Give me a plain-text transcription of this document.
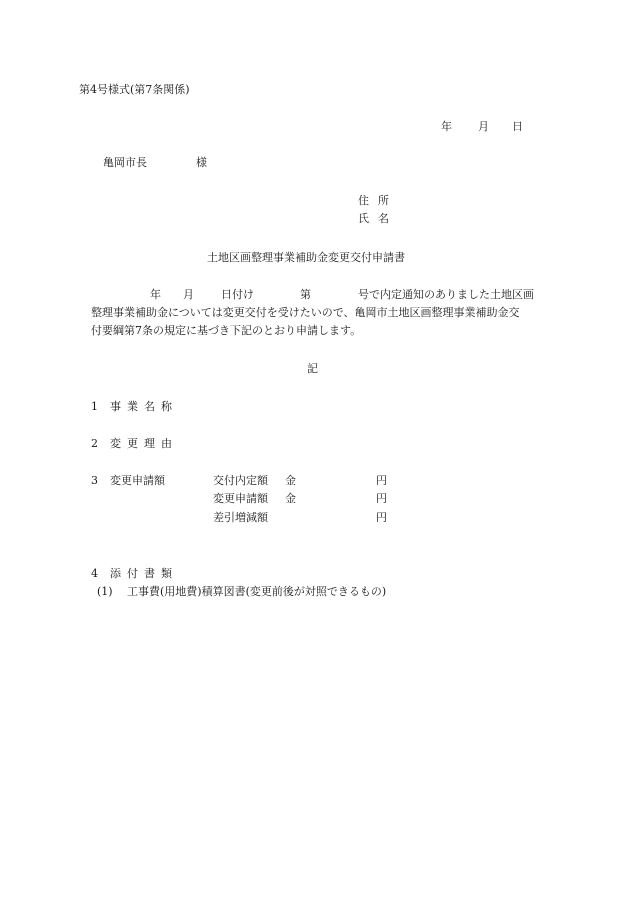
第4号様式(第7条関係)
年 月 日
亀岡市長	様
住所
氏名
土地区画整理事業補助金変更交付申請書
年 月 日付け	第	号で内定通知のありました土地区画
整理事業補助金については変更交付を受けたいので、亀岡市土地区画整理事業補助金交
付要綱第7条の規定に基づき下記のとおり申請します。
記
1 事業名称
2 変更理由
3 変更申請額	交付内定額 金	円
変更申請額 金	円
差引増減額	円
4 添付書類
(1) 工事費(用地費)積算図書(変更前後が対照できるもの)
